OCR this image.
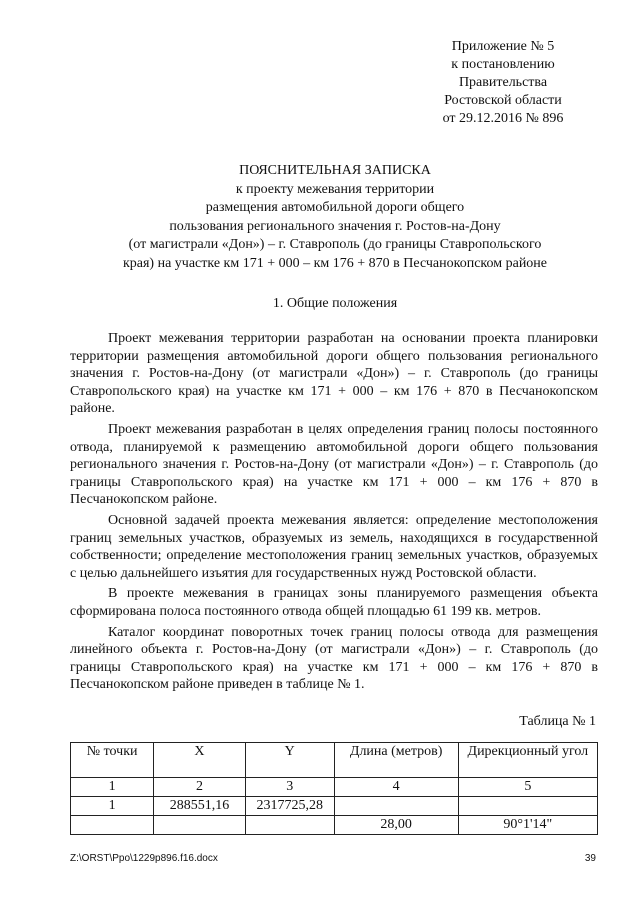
Приложение № 5
к постановлению
Правительства
Ростовской области
от 29.12.2016 № 896
ПОЯСНИТЕЛЬНАЯ ЗАПИСКА
к проекту межевания территории
размещения автомобильной дороги общего
пользования регионального значения г. Ростов-на-Дону
(от магистрали «Дон») – г. Ставрополь (до границы Ставропольского
края) на участке км 171 + 000 – км 176 + 870 в Песчанокопском районе
1. Общие положения

Проект межевания территории разработан на основании проекта планировки территории размещения автомобильной дороги общего пользования регионального значения г. Ростов-на-Дону (от магистрали «Дон») – г. Ставрополь (до границы Ставропольского края) на участке км 171 + 000 – км 176 + 870 в Песчанокопском районе.

Проект межевания разработан в целях определения границ полосы постоянного отвода, планируемой к размещению автомобильной дороги общего пользования регионального значения г. Ростов-на-Дону (от магистрали «Дон») – г. Ставрополь (до границы Ставропольского края) на участке км 171 + 000 – км 176 + 870 в Песчанокопском районе.

Основной задачей проекта межевания является: определение местоположения границ земельных участков, образуемых из земель, находящихся в государственной собственности; определение местоположения границ земельных участков, образуемых с целью дальнейшего изъятия для государственных нужд Ростовской области.

В проекте межевания в границах зоны планируемого размещения объекта сформирована полоса постоянного отвода общей площадью 61 199 кв. метров.

Каталог координат поворотных точек границ полосы отвода для размещения линейного объекта г. Ростов-на-Дону (от магистрали «Дон») – г. Ставрополь (до границы Ставропольского края) на участке км 171 + 000 – км 176 + 870 в Песчанокопском районе приведен в таблице № 1.

Таблица № 1
№ точки	X	Y	Длина (метров)	Дирекционный угол
1	2	3	4	5
1	288551,16	2317725,28		
			28,00	90°1'14"
Z:\ORST\Ppo\1229p896.f16.docx	39
